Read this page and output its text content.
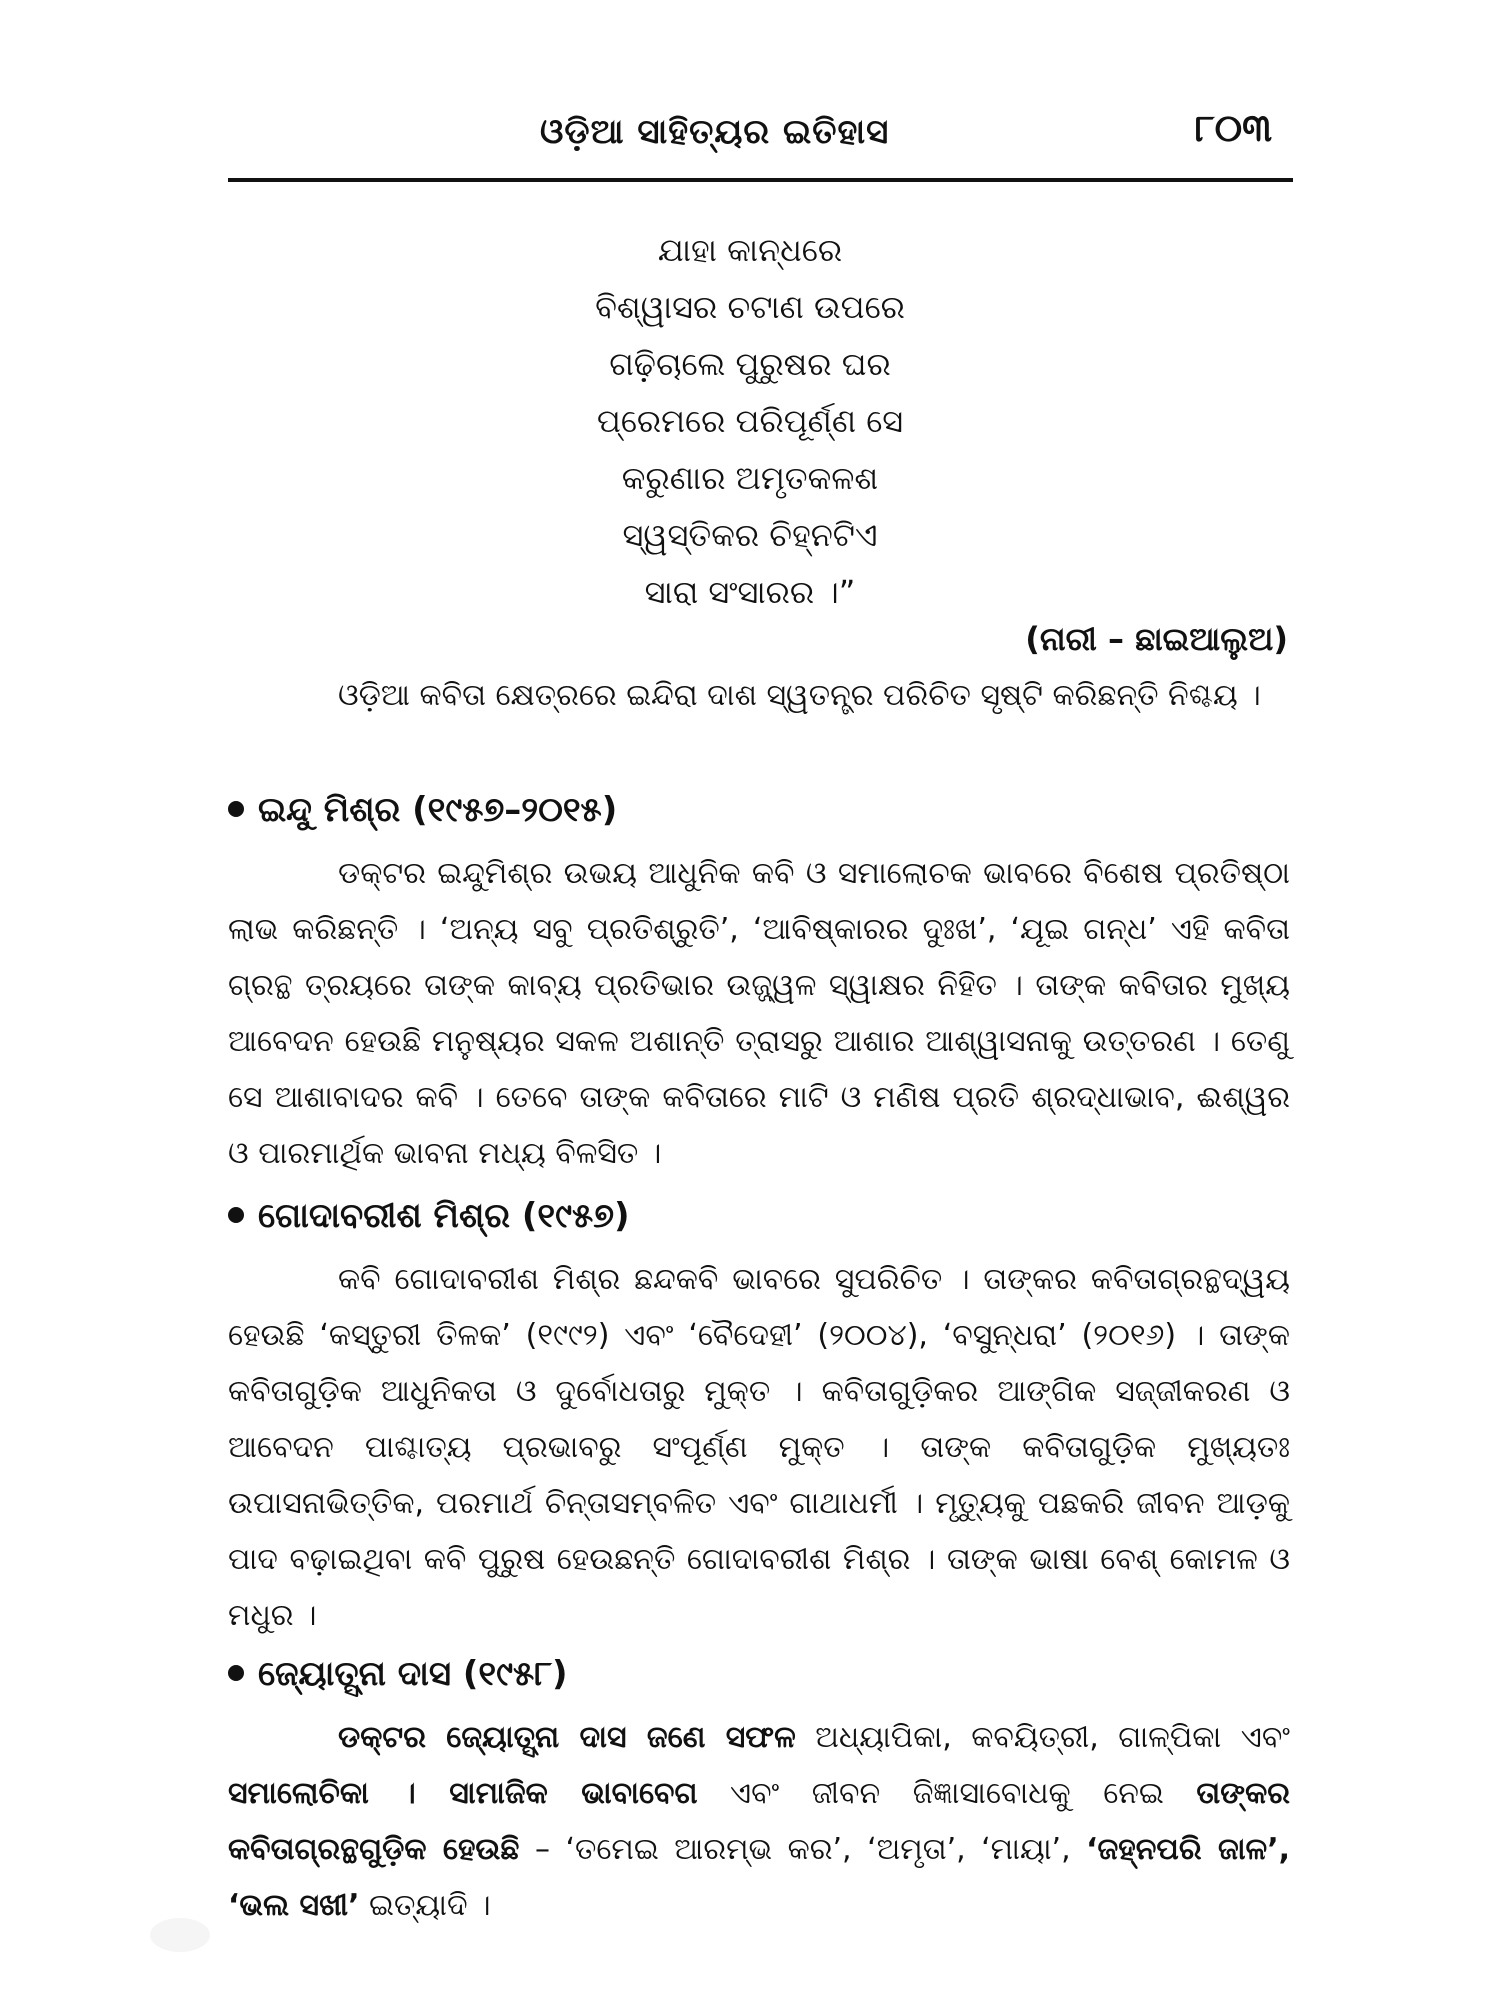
ଓଡ଼ିଆ ସାହିତ୍ୟର ଇତିହାସ	୮୦୩
ଯାହା କାନ୍ଧରେ
ବିଶ୍ୱାସର ଚଟାଣ ଉପରେ
ଗଢ଼ିଚାଲେ ପୁରୁଷର ଘର
ପ୍ରେମରେ ପରିପୂର୍ଣ୍ଣ ସେ
କରୁଣାର ଅମୃତକଳଶ
ସ୍ୱସ୍ତିକର ଚିହ୍ନଟିଏ
ସାରା ସଂସାରର ।”
(ନାରୀ – ଛାଇଆଲୁଅ)

ଓଡ଼ିଆ କବିତା କ୍ଷେତ୍ରରେ ଇନ୍ଦିରା ଦାଶ ସ୍ୱତନ୍ତ୍ର ପରିଚିତ ସୃଷ୍ଟି କରିଛନ୍ତି ନିଶ୍ଚୟ ।

ଇନ୍ଦୁ ମିଶ୍ର (୧୯୫୭–୨୦୧୫)

ଡକ୍ଟର ଇନ୍ଦୁମିଶ୍ର ଉଭୟ ଆଧୁନିକ କବି ଓ ସମାଲୋଚକ ଭାବରେ ବିଶେଷ ପ୍ରତିଷ୍ଠା ଲାଭ କରିଛନ୍ତି । ‘ଅନ୍ୟ ସବୁ ପ୍ରତିଶ୍ରୁତି’, ‘ଆବିଷ୍କାରର ଦୁଃଖ’, ‘ଯୂଇ ଗନ୍ଧ’ ଏହି କବିତା ଗ୍ରନ୍ଥ ତ୍ରୟରେ ତାଙ୍କ କାବ୍ୟ ପ୍ରତିଭାର ଉଜ୍ଜ୍ୱଳ ସ୍ୱାକ୍ଷର ନିହିତ । ତାଙ୍କ କବିତାର ମୁଖ୍ୟ ଆବେଦନ ହେଉଛି ମନୁଷ୍ୟର ସକଳ ଅଶାନ୍ତି ତ୍ରାସରୁ ଆଶାର ଆଶ୍ୱାସନାକୁ ଉତ୍ତରଣ । ତେଣୁ ସେ ଆଶାବାଦର କବି । ତେବେ ତାଙ୍କ କବିତାରେ ମାଟି ଓ ମଣିଷ ପ୍ରତି ଶ୍ରଦ୍ଧାଭାବ, ଈଶ୍ୱର ଓ ପାରମାର୍ଥିକ ଭାବନା ମଧ୍ୟ ବିଳସିତ ।

ଗୋଦାବରୀଶ ମିଶ୍ର (୧୯୫୭)

କବି ଗୋଦାବରୀଶ ମିଶ୍ର ଛନ୍ଦକବି ଭାବରେ ସୁପରିଚିତ । ତାଙ୍କର କବିତାଗ୍ରନ୍ଥଦ୍ୱୟ ହେଉଛି ‘କସ୍ତୁରୀ ତିଳକ’ (୧୯୯୨) ଏବଂ ‘ବୈଦେହୀ’ (୨୦୦୪), ‘ବସୁନ୍ଧରା’ (୨୦୧୬) । ତାଙ୍କ କବିତାଗୁଡ଼ିକ ଆଧୁନିକତା ଓ ଦୁର୍ବୋଧତାରୁ ମୁକ୍ତ । କବିତାଗୁଡ଼ିକର ଆଙ୍ଗିକ ସଜ୍ଜୀକରଣ ଓ ଆବେଦନ ପାଶ୍ଚାତ୍ୟ ପ୍ରଭାବରୁ ସଂପୂର୍ଣ୍ଣ ମୁକ୍ତ । ତାଙ୍କ କବିତାଗୁଡ଼ିକ ମୁଖ୍ୟତଃ ଉପାସନାଭିତ୍ତିକ, ପରମାର୍ଥ ଚିନ୍ତାସମ୍ବଳିତ ଏବଂ ଗାଥାଧର୍ମୀ । ମୃତ୍ୟୁକୁ ପଛକରି ଜୀବନ ଆଡ଼କୁ ପାଦ ବଢ଼ାଇଥିବା କବି ପୁରୁଷ ହେଉଛନ୍ତି ଗୋଦାବରୀଶ ମିଶ୍ର । ତାଙ୍କ ଭାଷା ବେଶ୍ କୋମଳ ଓ ମଧୁର ।

ଜ୍ୟୋତ୍ସ୍ନା ଦାସ (୧୯୫୮)

ଡକ୍ଟର ଜ୍ୟୋତ୍ସ୍ନା ଦାସ ଜଣେ ସଫଳ ଅଧ୍ୟାପିକା, କବୟିତ୍ରୀ, ଗାଳ୍ପିକା ଏବଂ ସମାଲୋଚିକା । ସାମାଜିକ ଭାବାବେଗ ଏବଂ ଜୀବନ ଜିଜ୍ଞାସାବୋଧକୁ ନେଇ ତାଙ୍କର କବିତାଗ୍ରନ୍ଥଗୁଡ଼ିକ ହେଉଛି – ‘ତମେଇ ଆରମ୍ଭ କର’, ‘ଅମୃତା’, ‘ମାୟା’, ‘ଜହ୍ନପରି ଜାଳ’, ‘ଭଲ ସଖୀ’ ଇତ୍ୟାଦି ।
